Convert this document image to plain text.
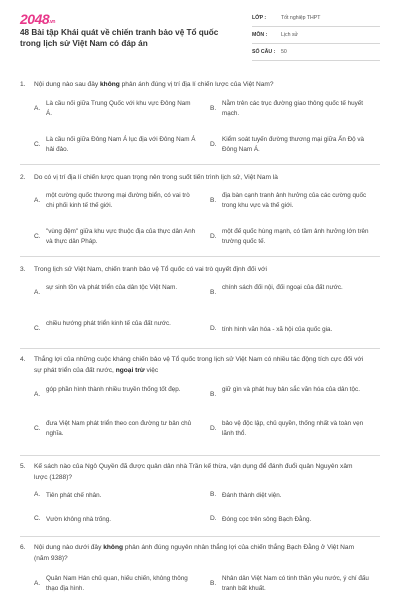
2048.vn
48 Bài tập Khái quát về chiến tranh bảo vệ Tổ quốc trong lịch sử Việt Nam có đáp án
LỚP :	Tốt nghiệp THPT
MÔN :	Lịch sử
SỐ CÂU :	50
1.	Nội dung nào sau đây không phản ánh đúng vị trí địa lí chiến lược của Việt Nam?
A.
Là cầu nối giữa Trung Quốc với khu vực Đông Nam Á.
B.
Nằm trên các trục đường giao thông quốc tế huyết mạch.
C.
Là cầu nối giữa Đông Nam Á lục địa với Đông Nam Á hải đảo.
D.
Kiểm soát tuyến đường thương mại giữa Ấn Độ và Đông Nam Á.
2.	Do có vị trí địa lí chiến lược quan trọng nên trong suốt tiến trình lịch sử, Việt Nam là
A.
một cường quốc thương mại đường biển, có vai trò chi phối kinh tế thế giới.
B.
địa bàn cạnh tranh ảnh hưởng của các cường quốc trong khu vực và thế giới.
C.
"vùng đệm" giữa khu vực thuộc địa của thực dân Anh và thực dân Pháp.
D.
một đế quốc hùng mạnh, có tầm ảnh hưởng lớn trên trường quốc tế.
3.	Trong lịch sử Việt Nam, chiến tranh bảo vệ Tổ quốc có vai trò quyết định đối với
A.
sự sinh tồn và phát triển của dân tộc Việt Nam.
B.
chính sách đối nội, đối ngoại của đất nước.
C.
chiều hướng phát triển kinh tế của đất nước.
D. tính hình văn hóa - xã hội của quốc gia.
4.	Thắng lợi của những cuộc kháng chiến bảo vệ Tổ quốc trong lịch sử Việt Nam có nhiều tác động tích cực đối với sự phát triển của đất nước, ngoại trừ việc
A.
góp phần hình thành nhiều truyền thống tốt đẹp.
B.
giữ gìn và phát huy bản sắc văn hóa của dân tộc.
C.
đưa Việt Nam phát triển theo con đường tư bản chủ nghĩa.
D.
bảo vệ độc lập, chủ quyền, thống nhất và toàn vẹn lãnh thổ.
5.	Kế sách nào của Ngô Quyền đã được quân dân nhà Trần kế thừa, vận dụng để đánh đuổi quân Nguyên xâm lược (1288)?
A. Tiên phát chế nhân.	B. Đánh thành diệt viện.
C. Vườn không nhà trống.	D. Đóng cọc trên sông Bạch Đằng.
6.	Nội dung nào dưới đây không phản ánh đúng nguyên nhân thắng lợi của chiến thắng Bạch Đằng ở Việt Nam (năm 938)?
A.
Quân Nam Hán chủ quan, hiếu chiến, không thông thạo địa hình.
B.
Nhân dân Việt Nam có tinh thần yêu nước, ý chí đấu tranh bất khuất.
